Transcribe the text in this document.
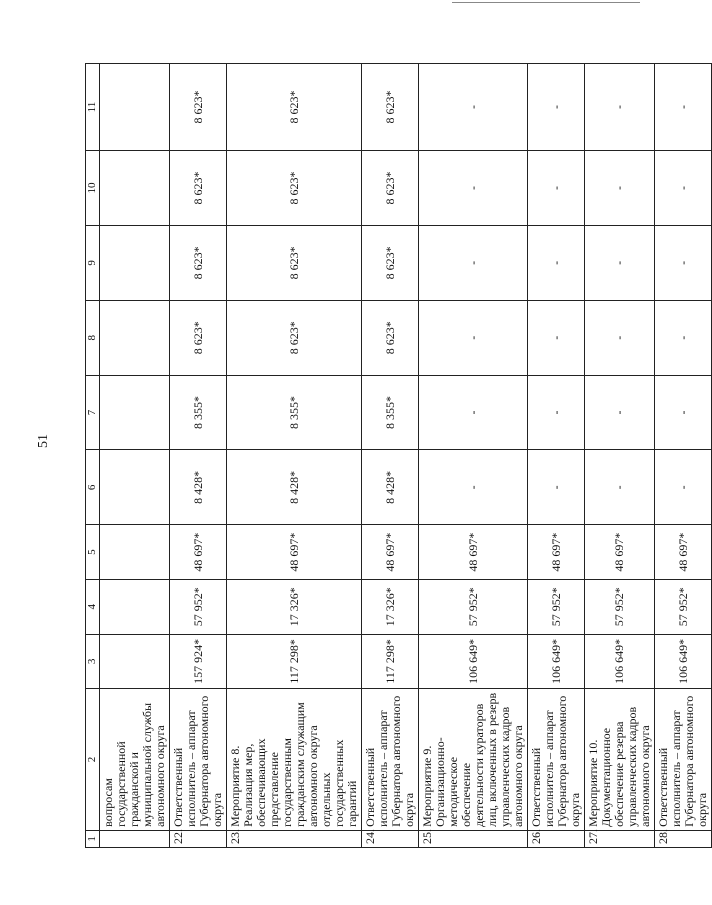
51
1	2	3	4	5	6	7	8	9	10	11
	вопросам государственной гражданской и муниципальной службы автономного округа									
22.	Ответственный исполнитель – аппарат Губернатора автономного округа	157 924*	57 952*	48 697*	8 428*	8 355*	8 623*	8 623*	8 623*	8 623*
23.	Мероприятие 8. Реализация мер, обеспечивающих представление государственным гражданским служащим автономного округа отдельных государственных гарантий	117 298*	17 326*	48 697*	8 428*	8 355*	8 623*	8 623*	8 623*	8 623*
24.	Ответственный исполнитель – аппарат Губернатора автономного округа	117 298*	17 326*	48 697*	8 428*	8 355*	8 623*	8 623*	8 623*	8 623*
25.	Мероприятие 9. Организационно-методическое обеспечение деятельности кураторов лиц, включенных в резерв управленческих кадров автономного округа	106 649*	57 952*	48 697*	-	-	-	-	-	-
26.	Ответственный исполнитель – аппарат Губернатора автономного округа	106 649*	57 952*	48 697*	-	-	-	-	-	-
27.	Мероприятие 10. Документационное обеспечение резерва управленческих кадров автономного округа	106 649*	57 952*	48 697*	-	-	-	-	-	-
28.	Ответственный исполнитель – аппарат Губернатора автономного округа	106 649*	57 952*	48 697*	-	-	-	-	-	-
